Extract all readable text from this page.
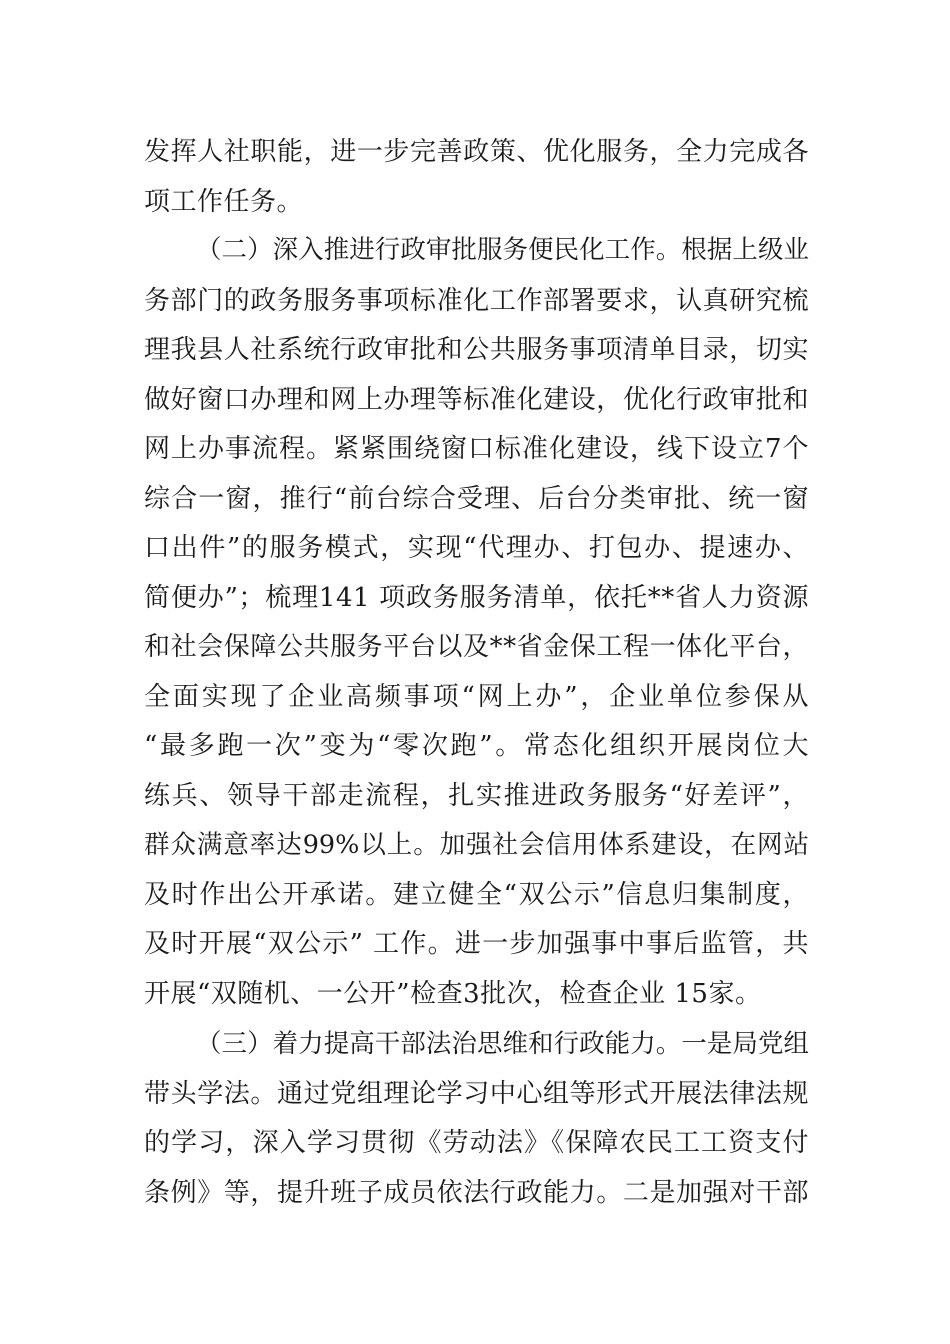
发挥人社职能，进一步完善政策、优化服务，全力完成各

项工作任务。

（二）深入推进行政审批服务便民化工作。根据上级业

务部门的政务服务事项标准化工作部署要求，认真研究梳

理我县人社系统行政审批和公共服务事项清单目录，切实

做好窗口办理和网上办理等标准化建设，优化行政审批和

网上办事流程。紧紧围绕窗口标准化建设，线下设立7个

综合一窗，推行“前台综合受理、后台分类审批、统一窗

口出件”的服务模式，实现“代理办、打包办、提速办、

简便办”；梳理141 项政务服务清单，依托**省人力资源

和社会保障公共服务平台以及**省金保工程一体化平台，

全面实现了企业高频事项“网上办”，企业单位参保从

“最多跑一次”变为“零次跑”。常态化组织开展岗位大

练兵、领导干部走流程，扎实推进政务服务“好差评”，

群众满意率达99%以上。加强社会信用体系建设，在网站

及时作出公开承诺。建立健全“双公示”信息归集制度，

及时开展“双公示” 工作。进一步加强事中事后监管，共

开展“双随机、一公开”检查3批次，检查企业 15家。

（三）着力提高干部法治思维和行政能力。一是局党组

带头学法。通过党组理论学习中心组等形式开展法律法规

的学习，深入学习贯彻《劳动法》《保障农民工工资支付

条例》等，提升班子成员依法行政能力。二是加强对干部
